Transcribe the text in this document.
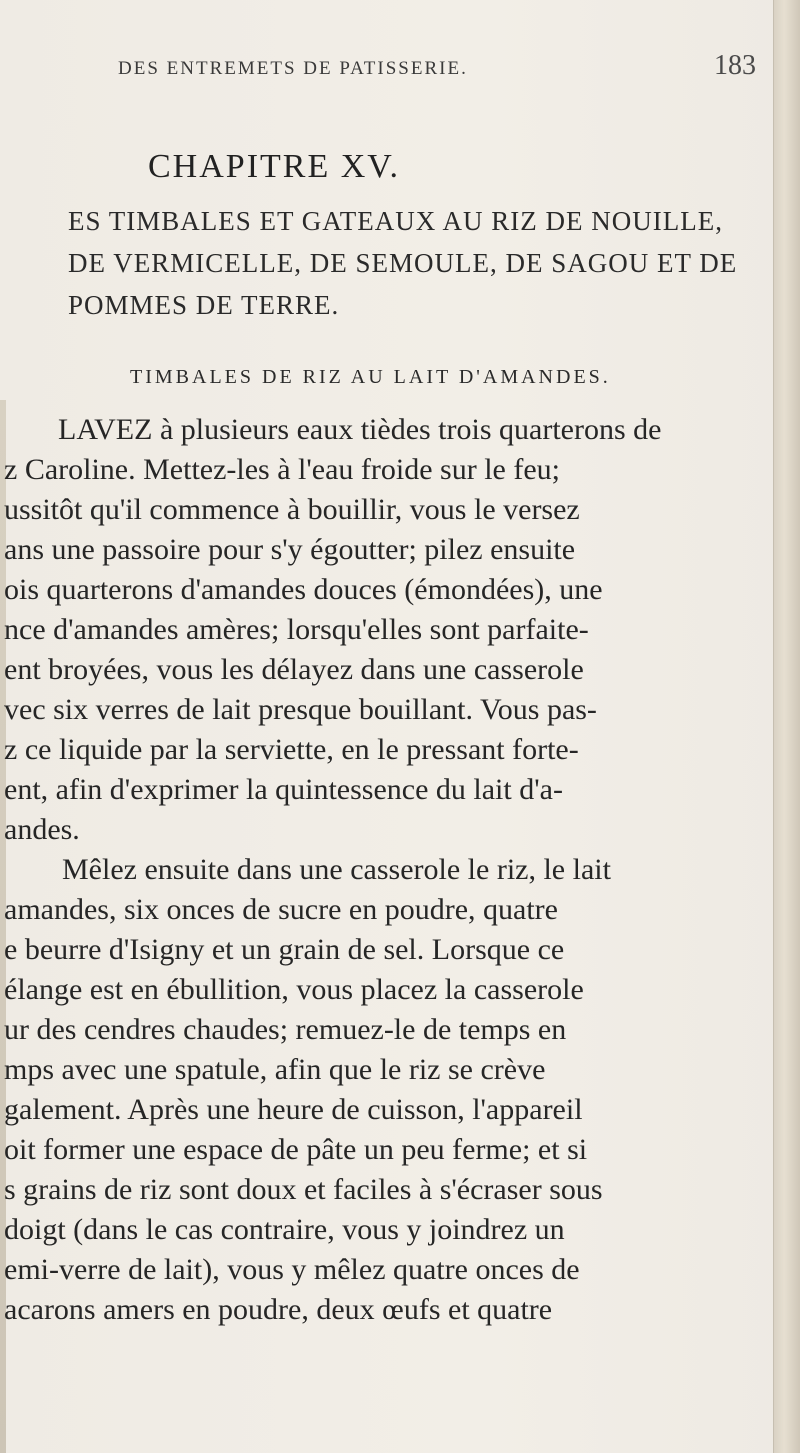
DES ENTREMETS DE PATISSERIE.	183
CHAPITRE XV.
ES TIMBALES ET GATEAUX AU RIZ DE NOUILLE,
DE VERMICELLE, DE SEMOULE, DE SAGOU ET DE
POMMES DE TERRE.
TIMBALES DE RIZ AU LAIT D'AMANDES.
LAVEZ à plusieurs eaux tièdes trois quarterons de
z Caroline. Mettez-les à l'eau froide sur le feu;
ussitôt qu'il commence à bouillir, vous le versez
ans une passoire pour s'y égoutter; pilez ensuite
ois quarterons d'amandes douces (émondées), une
nce d'amandes amères; lorsqu'elles sont parfaite-
ent broyées, vous les délayez dans une casserole
vec six verres de lait presque bouillant. Vous pas-
z ce liquide par la serviette, en le pressant forte-
ent, afin d'exprimer la quintessence du lait d'a-
andes.
Mêlez ensuite dans une casserole le riz, le lait
amandes, six onces de sucre en poudre, quatre
e beurre d'Isigny et un grain de sel. Lorsque ce
élange est en ébullition, vous placez la casserole
ur des cendres chaudes; remuez-le de temps en
mps avec une spatule, afin que le riz se crève
galement. Après une heure de cuisson, l'appareil
oit former une espace de pâte un peu ferme; et si
s grains de riz sont doux et faciles à s'écraser sous
doigt (dans le cas contraire, vous y joindrez un
emi-verre de lait), vous y mêlez quatre onces de
acarons amers en poudre, deux œufs et quatre
